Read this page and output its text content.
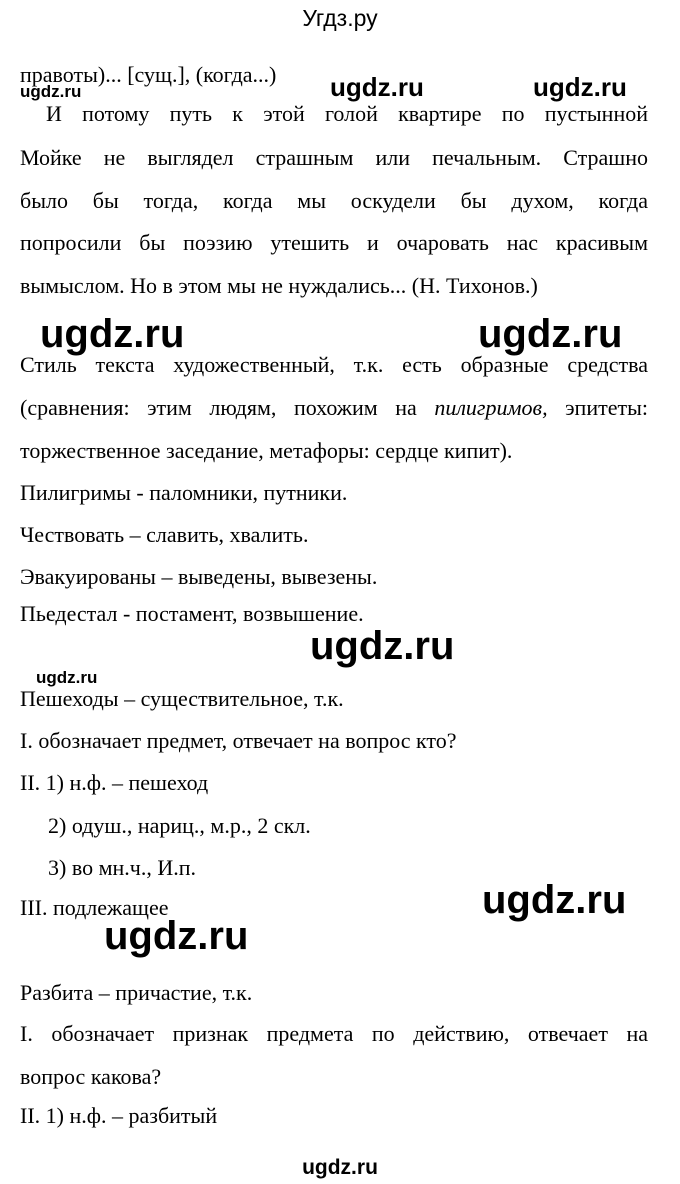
Угдз.ру
правоты)... [сущ.], (когда...) ugdz.ru	ugdz.ru
ugdz.ru
И потому путь к этой голой квартире по пустынной
Мойке не выглядел страшным или печальным. Страшно
было бы тогда, когда мы оскудели бы духом, когда
попросили бы поэзию утешить и очаровать нас красивым
вымыслом. Но в этом мы не нуждались... (Н. Тихонов.)
ugdz.ru	ugdz.ru
Стиль текста художественный, т.к. есть образные средства
(сравнения: этим людям, похожим на пилигримов, эпитеты:
торжественное заседание, метафоры: сердце кипит).
Пилигримы - паломники, путники.
Чествовать – славить, хвалить.
Эвакуированы – выведены, вывезены.
Пьедестал - постамент, возвышение.
ugdz.ru
ugdz.ru
Пешеходы – существительное, т.к.
I. обозначает предмет, отвечает на вопрос кто?
II. 1) н.ф. – пешеход
2) одуш., нариц., м.р., 2 скл.
3) во мн.ч., И.п.
III. подлежащее	ugdz.ru
ugdz.ru
Разбита – причастие, т.к.
I. обозначает признак предмета по действию, отвечает на
вопрос какова?
II. 1) н.ф. – разбитый
ugdz.ru
